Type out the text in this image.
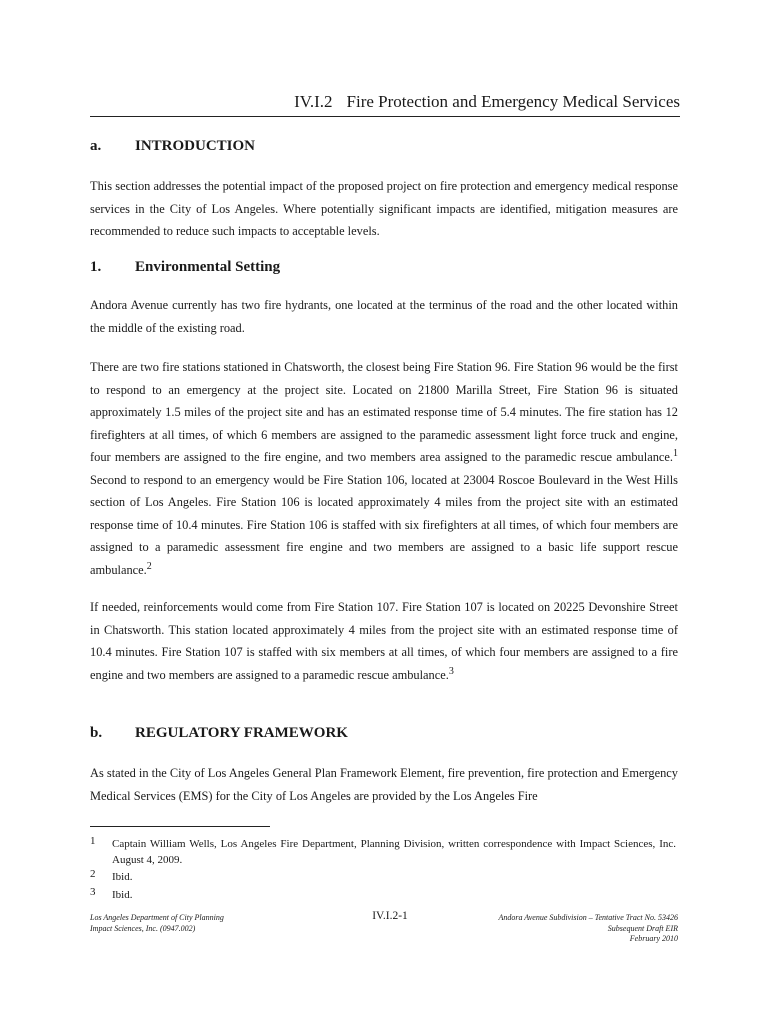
IV.I.2 Fire Protection and Emergency Medical Services
a. INTRODUCTION

This section addresses the potential impact of the proposed project on fire protection and emergency medical response services in the City of Los Angeles. Where potentially significant impacts are identified, mitigation measures are recommended to reduce such impacts to acceptable levels.

1. Environmental Setting

Andora Avenue currently has two fire hydrants, one located at the terminus of the road and the other located within the middle of the existing road.

There are two fire stations stationed in Chatsworth, the closest being Fire Station 96. Fire Station 96 would be the first to respond to an emergency at the project site. Located on 21800 Marilla Street, Fire Station 96 is situated approximately 1.5 miles of the project site and has an estimated response time of 5.4 minutes. The fire station has 12 firefighters at all times, of which 6 members are assigned to the paramedic assessment light force truck and engine, four members are assigned to the fire engine, and two members area assigned to the paramedic rescue ambulance.$^1$ Second to respond to an emergency would be Fire Station 106, located at 23004 Roscoe Boulevard in the West Hills section of Los Angeles. Fire Station 106 is located approximately 4 miles from the project site with an estimated response time of 10.4 minutes. Fire Station 106 is staffed with six firefighters at all times, of which four members are assigned to a paramedic assessment fire engine and two members are assigned to a basic life support rescue ambulance.$^2$

If needed, reinforcements would come from Fire Station 107. Fire Station 107 is located on 20225 Devonshire Street in Chatsworth. This station located approximately 4 miles from the project site with an estimated response time of 10.4 minutes. Fire Station 107 is staffed with six members at all times, of which four members are assigned to a fire engine and two members are assigned to a paramedic rescue ambulance.$^3$

b. REGULATORY FRAMEWORK

As stated in the City of Los Angeles General Plan Framework Element, fire prevention, fire protection and Emergency Medical Services (EMS) for the City of Los Angeles are provided by the Los Angeles Fire

1 Captain William Wells, Los Angeles Fire Department, Planning Division, written correspondence with Impact Sciences, Inc. August 4, 2009.
2 Ibid.
3 Ibid.
Los Angeles Department of City Planning
Impact Sciences, Inc. (0947.002)
IV.I.2-1	Andora Avenue Subdivision – Tentative Tract No. 53426
Subsequent Draft EIR
February 2010
